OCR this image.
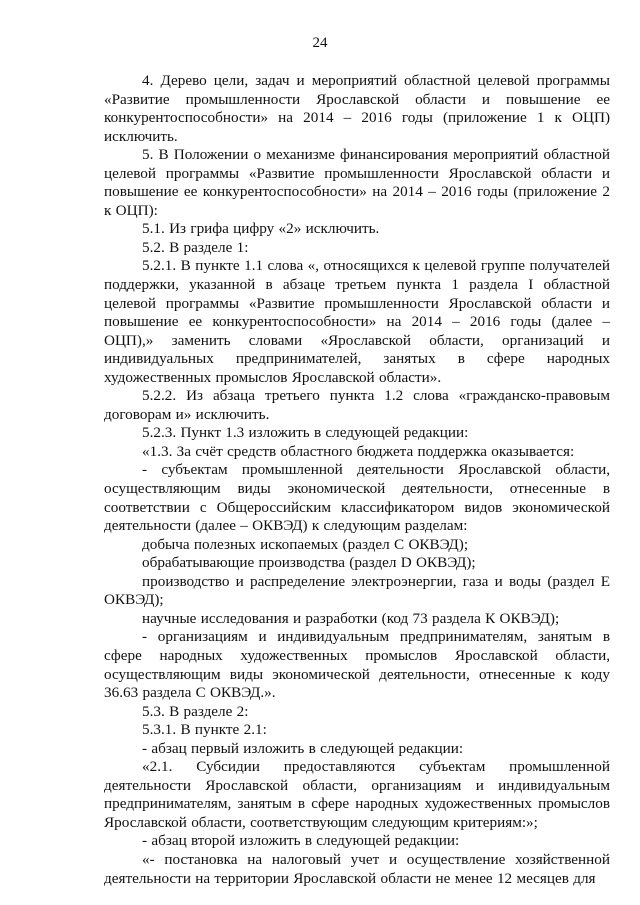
24

4. Дерево цели, задач и мероприятий областной целевой программы «Развитие промышленности Ярославской области и повышение ее конкурентоспособности» на 2014 – 2016 годы (приложение 1 к ОЦП) исключить.

5. В Положении о механизме финансирования мероприятий областной целевой программы «Развитие промышленности Ярославской области и повышение ее конкурентоспособности» на 2014 – 2016 годы (приложение 2 к ОЦП):

5.1. Из грифа цифру «2» исключить.

5.2. В разделе 1:

5.2.1. В пункте 1.1 слова «, относящихся к целевой группе получателей поддержки, указанной в абзаце третьем пункта 1 раздела I областной целевой программы «Развитие промышленности Ярославской области и повышение ее конкурентоспособности» на 2014 – 2016 годы (далее – ОЦП),» заменить словами «Ярославской области, организаций и индивидуальных предпринимателей, занятых в сфере народных художественных промыслов Ярославской области».

5.2.2. Из абзаца третьего пункта 1.2 слова «гражданско-правовым договорам и» исключить.

5.2.3. Пункт 1.3 изложить в следующей редакции:

«1.3. За счёт средств областного бюджета поддержка оказывается:

- субъектам промышленной деятельности Ярославской области, осуществляющим виды экономической деятельности, отнесенные в соответствии с Общероссийским классификатором видов экономической деятельности (далее – ОКВЭД) к следующим разделам:

добыча полезных ископаемых (раздел С ОКВЭД);

обрабатывающие производства (раздел D ОКВЭД);

производство и распределение электроэнергии, газа и воды (раздел Е ОКВЭД);

научные исследования и разработки (код 73 раздела К ОКВЭД);

- организациям и индивидуальным предпринимателям, занятым в сфере народных художественных промыслов Ярославской области, осуществляющим виды экономической деятельности, отнесенные к коду 36.63 раздела С ОКВЭД.».

5.3. В разделе 2:

5.3.1. В пункте 2.1:

- абзац первый изложить в следующей редакции:

«2.1. Субсидии предоставляются субъектам промышленной деятельности Ярославской области, организациям и индивидуальным предпринимателям, занятым в сфере народных художественных промыслов Ярославской области, соответствующим следующим критериям:»;

- абзац второй изложить в следующей редакции:

«- постановка на налоговый учет и осуществление хозяйственной деятельности на территории Ярославской области не менее 12 месяцев для
